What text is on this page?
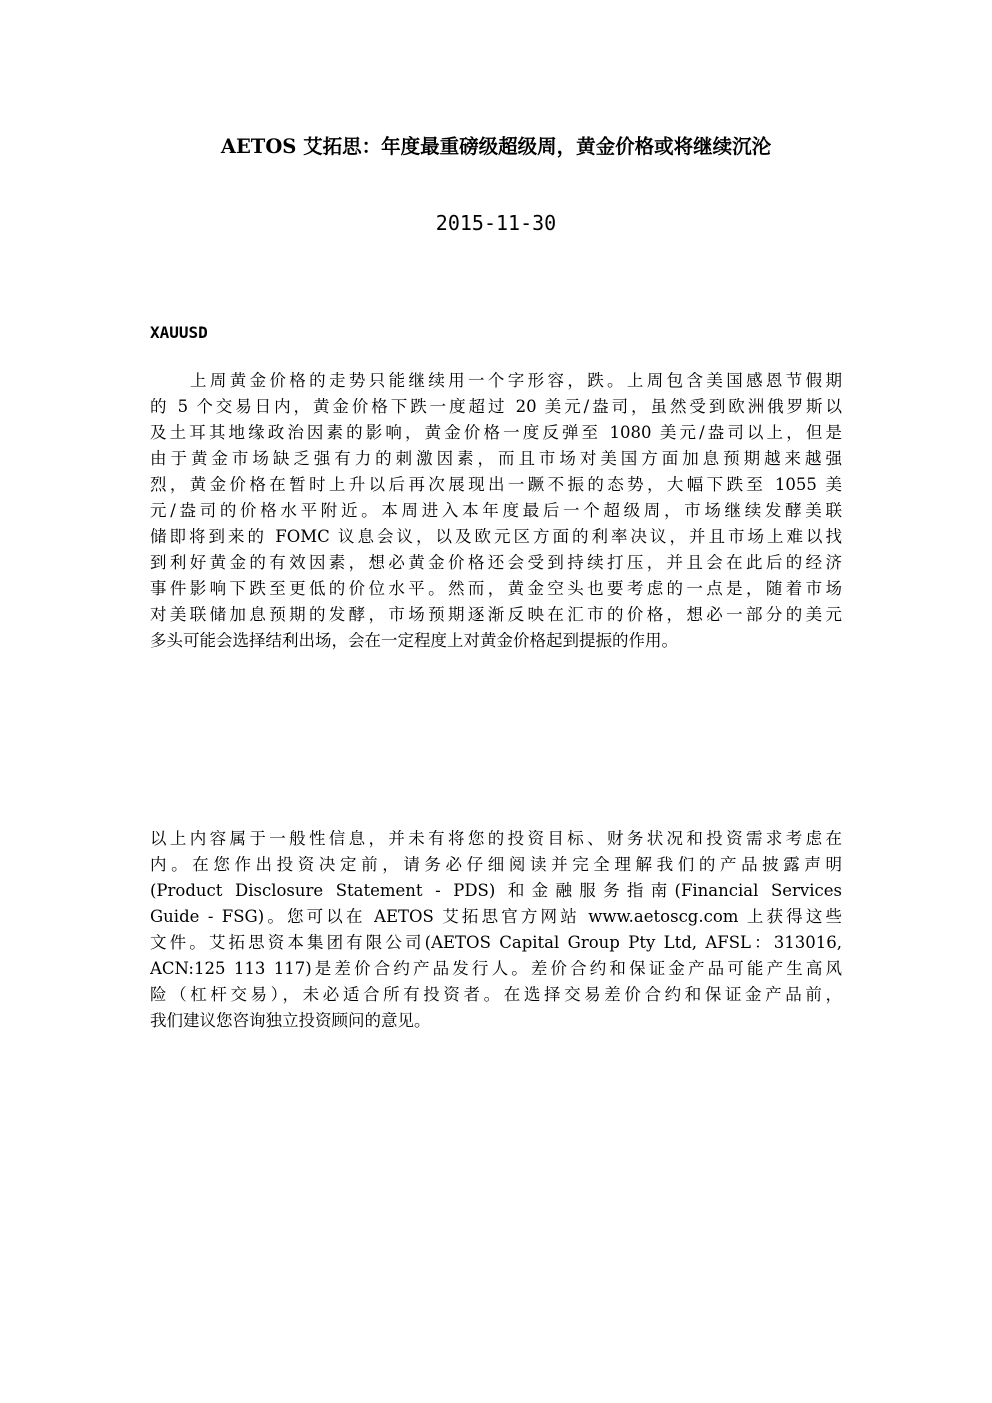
AETOS 艾拓思：年度最重磅级超级周，黄金价格或将继续沉沦
2015-11-30
XAUUSD
上周黄金价格的走势只能继续用一个字形容，跌。上周包含美国感恩节假期
的 5 个交易日内，黄金价格下跌一度超过 20 美元/盎司，虽然受到欧洲俄罗斯以
及土耳其地缘政治因素的影响，黄金价格一度反弹至 1080 美元/盎司以上，但是
由于黄金市场缺乏强有力的刺激因素，而且市场对美国方面加息预期越来越强
烈，黄金价格在暂时上升以后再次展现出一蹶不振的态势，大幅下跌至 1055 美
元/盎司的价格水平附近。本周进入本年度最后一个超级周，市场继续发酵美联
储即将到来的 FOMC 议息会议，以及欧元区方面的利率决议，并且市场上难以找
到利好黄金的有效因素，想必黄金价格还会受到持续打压，并且会在此后的经济
事件影响下跌至更低的价位水平。然而，黄金空头也要考虑的一点是，随着市场
对美联储加息预期的发酵，市场预期逐渐反映在汇市的价格，想必一部分的美元
多头可能会选择结利出场，会在一定程度上对黄金价格起到提振的作用。
以上内容属于一般性信息，并未有将您的投资目标、财务状况和投资需求考虑在
内。在您作出投资决定前，请务必仔细阅读并完全理解我们的产品披露声明
(Product Disclosure Statement - PDS) 和金融服务指南(Financial Services
Guide - FSG)。您可以在 AETOS 艾拓思官方网站 www.aetoscg.com 上获得这些
文件。艾拓思资本集团有限公司(AETOS Capital Group Pty Ltd, AFSL：313016,
ACN:125 113 117)是差价合约产品发行人。差价合约和保证金产品可能产生高风
险（杠杆交易），未必适合所有投资者。在选择交易差价合约和保证金产品前，
我们建议您咨询独立投资顾问的意见。
